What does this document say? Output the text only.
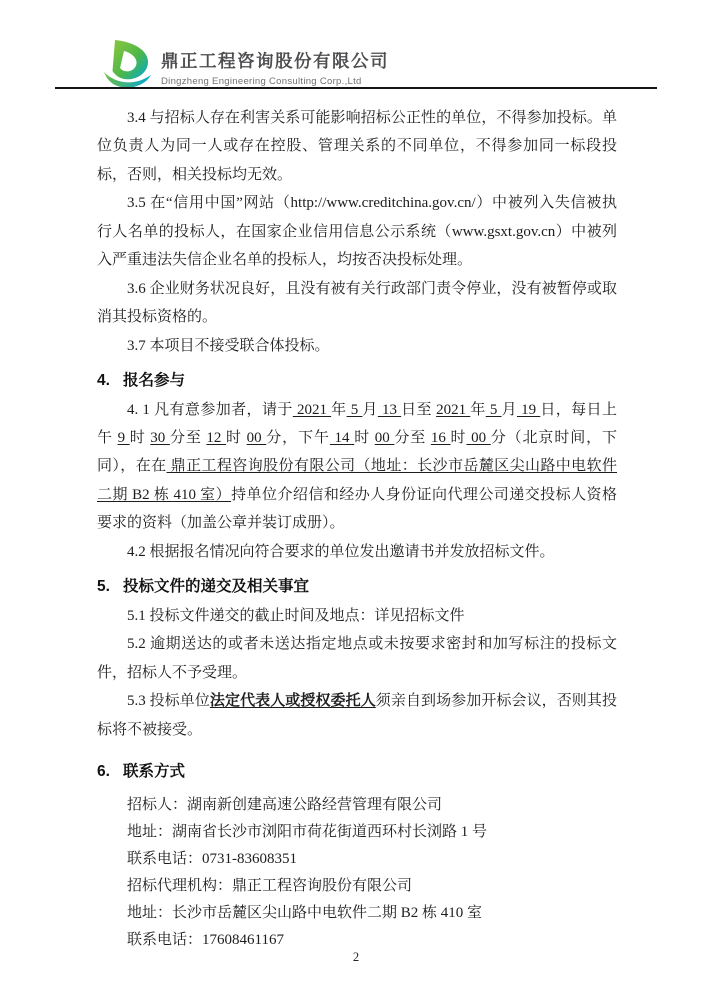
鼎正工程咨询股份有限公司
Dingzheng Engineering Consulting Corp.,Ltd

3.4 与招标人存在利害关系可能影响招标公正性的单位，不得参加投标。单位负责人为同一人或存在控股、管理关系的不同单位，不得参加同一标段投标，否则，相关投标均无效。

3.5 在“信用中国”网站（http://www.creditchina.gov.cn/）中被列入失信被执行人名单的投标人，在国家企业信用信息公示系统（www.gsxt.gov.cn）中被列入严重违法失信企业名单的投标人，均按否决投标处理。

3.6 企业财务状况良好，且没有被有关行政部门责令停业，没有被暂停或取消其投标资格的。

3.7 本项目不接受联合体投标。

4. 报名参与

4. 1 凡有意参加者，请于 2021 年 5 月 13 日至 2021 年 5 月 19 日，每日上午 9 时 30 分至 12 时 00 分，下午 14 时 00 分至 16 时 00 分（北京时间，下同），在在 鼎正工程咨询股份有限公司（地址：长沙市岳麓区尖山路中电软件二期 B2 栋 410 室）持单位介绍信和经办人身份证向代理公司递交投标人资格要求的资料（加盖公章并装订成册）。

4.2 根据报名情况向符合要求的单位发出邀请书并发放招标文件。

5. 投标文件的递交及相关事宜

5.1 投标文件递交的截止时间及地点：详见招标文件

5.2 逾期送达的或者未送达指定地点或未按要求密封和加写标注的投标文件，招标人不予受理。

5.3 投标单位法定代表人或授权委托人须亲自到场参加开标会议，否则其投标将不被接受。

6. 联系方式

招标人：湖南新创建高速公路经营管理有限公司

地址：湖南省长沙市浏阳市荷花街道西环村长浏路 1 号

联系电话：0731-83608351

招标代理机构：鼎正工程咨询股份有限公司

地址：长沙市岳麓区尖山路中电软件二期 B2 栋 410 室

联系电话：17608461167

2
